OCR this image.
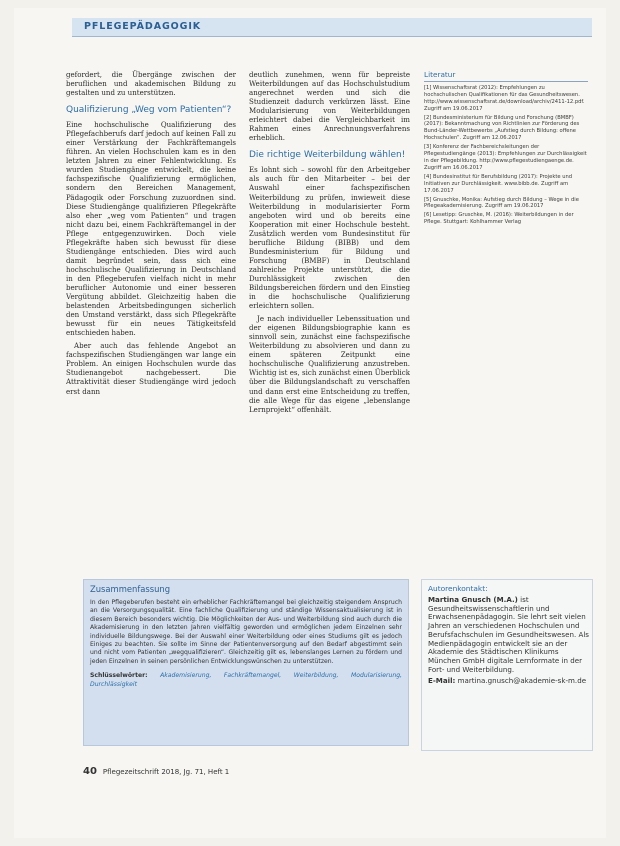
PFLEGEPÄDAGOGIK

gefordert, die Übergänge zwischen der beruflichen und akademischen Bildung zu gestalten und zu unterstützen.

Qualifizierung „Weg vom Patienten“?

Eine hochschulische Qualifizierung des Pflegefachberufs darf jedoch auf keinen Fall zu einer Verstärkung der Fachkräftemangels führen. An vielen Hochschulen kam es in den letzten Jahren zu einer Fehlentwicklung. Es wurden Studiengänge entwickelt, die keine fachspezifische Qualifizierung ermöglichen, sondern den Bereichen Management, Pädagogik oder Forschung zuzuordnen sind. Diese Studiengänge qualifizieren Pflegekräfte also eher „weg vom Patienten“ und tragen nicht dazu bei, einem Fachkräftemangel in der Pflege entgegenzuwirken. Doch viele Pflegekräfte haben sich bewusst für diese Studiengänge entschieden. Dies wird auch damit begründet sein, dass sich eine hochschulische Qualifizierung in Deutschland in den Pflegeberufen vielfach nicht in mehr beruflicher Autonomie und einer besseren Vergütung abbildet. Gleichzeitig haben die belastenden Arbeitsbedingungen sicherlich den Umstand verstärkt, dass sich Pflegekräfte bewusst für ein neues Tätigkeitsfeld entschieden haben.

Aber auch das fehlende Angebot an fachspezifischen Studiengängen war lange ein Problem. An einigen Hochschulen wurde das Studienangebot nachgebessert. Die Attraktivität dieser Studiengänge wird jedoch erst dann

deutlich zunehmen, wenn für bepreiste Weiterbildungen auf das Hochschulstudium angerechnet werden und sich die Studienzeit dadurch verkürzen lässt. Eine Modularisierung von Weiterbildungen erleichtert dabei die Vergleichbarkeit im Rahmen eines Anrechnungsverfahrens erheblich.

Die richtige Weiterbildung wählen!

Es lohnt sich – sowohl für den Arbeitgeber als auch für den Mitarbeiter – bei der Auswahl einer fachspezifischen Weiterbildung zu prüfen, inwieweit diese Weiterbildung in modularisierter Form angeboten wird und ob bereits eine Kooperation mit einer Hochschule besteht. Zusätzlich werden vom Bundesinstitut für berufliche Bildung (BIBB) und dem Bundesministerium für Bildung und Forschung (BMBF) in Deutschland zahlreiche Projekte unterstützt, die die Durchlässigkeit zwischen den Bildungsbereichen fördern und den Einstieg in die hochschulische Qualifizierung erleichtern sollen.

Je nach individueller Lebenssituation und der eigenen Bildungsbiographie kann es sinnvoll sein, zunächst eine fachspezifische Weiterbildung zu absolvieren und dann zu einem späteren Zeitpunkt eine hochschulische Qualifizierung anzustreben. Wichtig ist es, sich zunächst einen Überblick über die Bildungslandschaft zu verschaffen und dann erst eine Entscheidung zu treffen, die alle Wege für das eigene „lebenslange Lernprojekt“ offenhält.

Literatur

[1] Wissenschaftsrat (2012): Empfehlungen zu hochschulischen Qualifikationen für das Gesundheitswesen. http://www.wissenschaftsrat.de/download/archiv/2411-12.pdf. Zugriff am 19.06.2017

[2] Bundesministerium für Bildung und Forschung (BMBF) (2017): Bekanntmachung von Richtlinien zur Förderung des Bund-Länder-Wettbewerbs „Aufstieg durch Bildung: offene Hochschulen“. Zugriff am 12.06.2017

[3] Konferenz der Fachbereichsleitungen der Pflegestudiengänge (2013): Empfehlungen zur Durchlässigkeit in der Pflegebildung. http://www.pflegestudiengaenge.de. Zugriff am 16.06.2017

[4] Bundesinstitut für Berufsbildung (2017): Projekte und Initiativen zur Durchlässigkeit. www.bibb.de. Zugriff am 17.06.2017

[5] Gnuschke, Monika: Aufstieg durch Bildung – Wege in die Pflegeakademisierung. Zugriff am 19.06.2017

[6] Lesetipp: Gruschke, M. (2016): Weiterbildungen in der Pflege. Stuttgart: Kohlhammer Verlag

Zusammenfassung
In den Pflegeberufen besteht ein erheblicher Fachkräftemangel bei gleichzeitig steigendem Anspruch an die Versorgungsqualität. Eine fachliche Qualifizierung und ständige Wissensaktualisierung ist in diesem Bereich besonders wichtig. Die Möglichkeiten der Aus- und Weiterbildung sind auch durch die Akademisierung in den letzten Jahren vielfältig geworden und ermöglichen jedem Einzelnen sehr individuelle Bildungswege. Bei der Auswahl einer Weiterbildung oder eines Studiums gilt es jedoch Einiges zu beachten. Sie sollte im Sinne der Patientenversorgung auf den Bedarf abgestimmt sein und nicht vom Patienten „wegqualifizieren“. Gleichzeitig gilt es, lebenslanges Lernen zu fördern und jeden Einzelnen in seinen persönlichen Entwicklungswünschen zu unterstützen.
Schlüsselwörter: Akademisierung, Fachkräftemangel, Weiterbildung, Modularisierung, Durchlässigkeit
Autorenkontakt:
Martina Gnusch (M.A.) ist Gesundheitswissenschaftlerin und Erwachsenenpädagogin. Sie lehrt seit vielen Jahren an verschiedenen Hochschulen und Berufsfachschulen im Gesundheitswesen. Als Medienpädagogin entwickelt sie an der Akademie des Städtischen Klinikums München GmbH digitale Lernformate in der Fort- und Weiterbildung.
E-Mail: martina.gnusch@akademie-sk-m.de
40 Pflegezeitschrift 2018, Jg. 71, Heft 1
